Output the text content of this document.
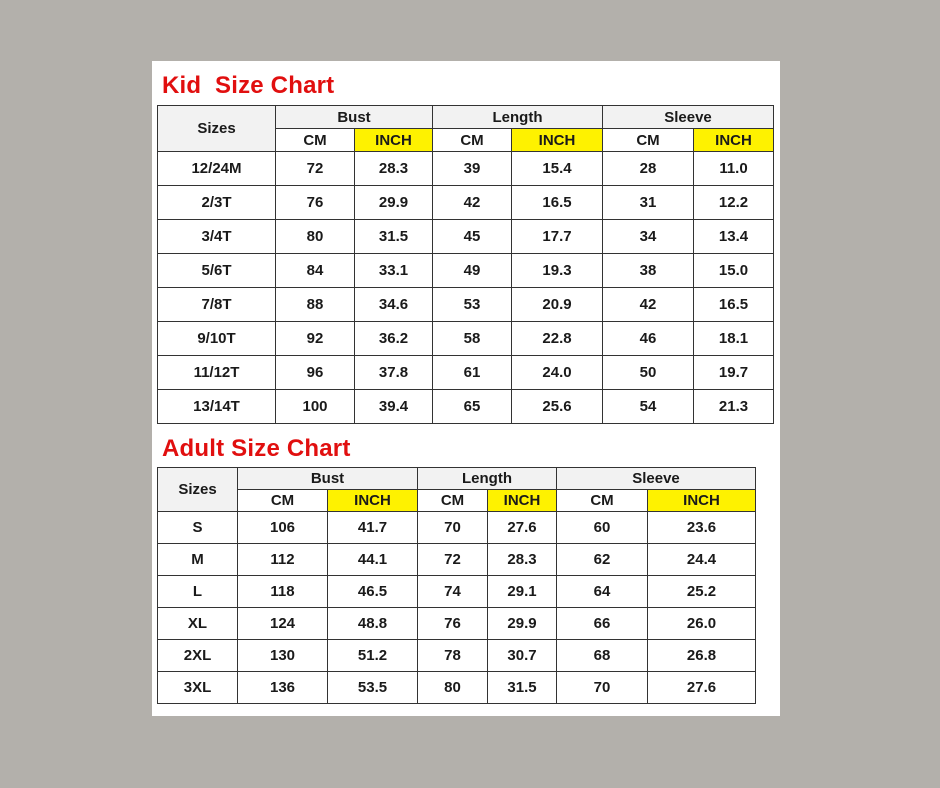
Kid  Size Chart
Sizes	Bust		Length		Sleeve	
	CM	INCH	CM	INCH	CM	INCH
12/24M	72	28.3	39	15.4	28	11.0
2/3T	76	29.9	42	16.5	31	12.2
3/4T	80	31.5	45	17.7	34	13.4
5/6T	84	33.1	49	19.3	38	15.0
7/8T	88	34.6	53	20.9	42	16.5
9/10T	92	36.2	58	22.8	46	18.1
11/12T	96	37.8	61	24.0	50	19.7
13/14T	100	39.4	65	25.6	54	21.3
Adult Size Chart
Sizes	Bust		Length		Sleeve	
	CM	INCH	CM	INCH	CM	INCH
S	106	41.7	70	27.6	60	23.6
M	112	44.1	72	28.3	62	24.4
L	118	46.5	74	29.1	64	25.2
XL	124	48.8	76	29.9	66	26.0
2XL	130	51.2	78	30.7	68	26.8
3XL	136	53.5	80	31.5	70	27.6
